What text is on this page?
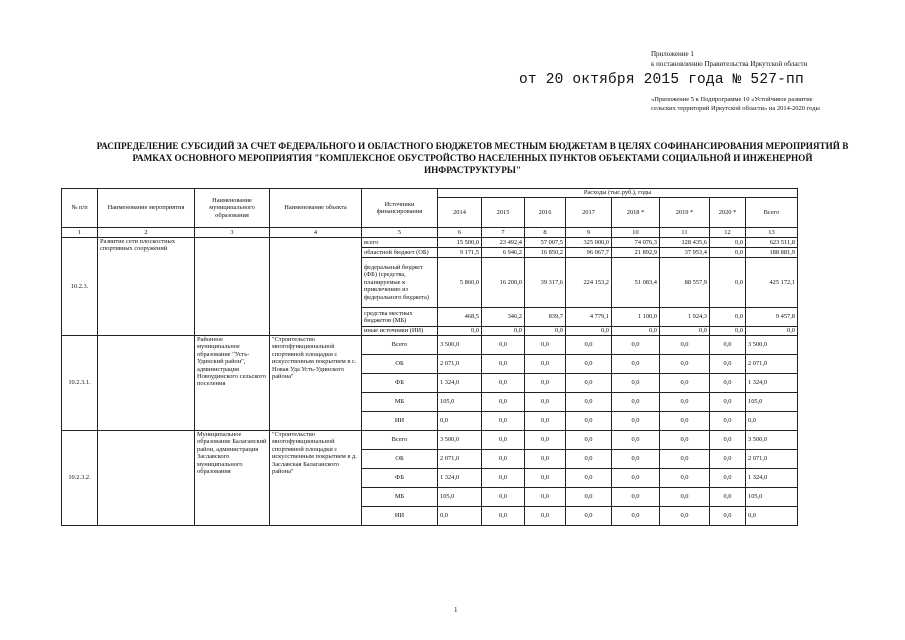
Приложение 1
к постановлению Правительства Иркутской области
от 20 октября 2015 года № 527-пп
«Приложение 5 к Подпрограмме 10 «Устойчивое развитие сельских территорий Иркутской области» на 2014-2020 годы
РАСПРЕДЕЛЕНИЕ СУБСИДИЙ ЗА СЧЕТ ФЕДЕРАЛЬНОГО И ОБЛАСТНОГО БЮДЖЕТОВ МЕСТНЫМ БЮДЖЕТАМ В ЦЕЛЯХ СОФИНАНСИРОВАНИЯ МЕРОПРИЯТИЙ В РАМКАХ ОСНОВНОГО МЕРОПРИЯТИЯ "КОМПЛЕКСНОЕ ОБУСТРОЙСТВО НАСЕЛЕННЫХ ПУНКТОВ ОБЪЕКТАМИ СОЦИАЛЬНОЙ И ИНЖЕНЕРНОЙ ИНФРАСТРУКТУРЫ"
№ п/п	Наименование мероприятия	Наименование муниципального образования	Наименование объекта	Источники финансирования	Расходы (тыс.руб.), годы							
					2014	2015	2016	2017	2018 *	2019 *	2020 *	Всего
1	2	3	4	5	6	7	8	9	10	11	12	13
10.2.3.	Развитие сети плоскостных спортивных сооружений			всего	15 500,0	23 492,4	57 007,5	325 000,0	74 076,3	128 435,6	0,0	623 511,8
				областной бюджет (ОБ)	9 171,5	6 946,2	16 850,2	96 067,7	21 892,9	37 953,4	0,0	188 881,9
				федеральный бюджет (ФБ) (средства, планируемые к привлечению из федерального бюджета)	5 860,0	16 200,0	39 317,6	224 153,2	51 083,4	88 557,9	0,0	425 172,1
				средства местных бюджетов (МБ)	468,5	346,2	839,7	4 779,1	1 100,0	1 924,3	0,0	9 457,8
				иные источники (ИИ)	0,0	0,0	0,0	0,0	0,0	0,0	0,0	0,0
10.2.3.1.		Районное муниципальное образование "Усть-Удинский район", администрация Новоудинского сельского поселения	"Строительство многофункциональной спортивной площадки с искусственным покрытием в с. Новая Уда Усть-Удинского района"	Всего	3 500,0	0,0	0,0	0,0	0,0	0,0	0,0	3 500,0
				ОБ	2 071,0	0,0	0,0	0,0	0,0	0,0	0,0	2 071,0
				ФБ	1 324,0	0,0	0,0	0,0	0,0	0,0	0,0	1 324,0
				МБ	105,0	0,0	0,0	0,0	0,0	0,0	0,0	105,0
				ИИ	0,0	0,0	0,0	0,0	0,0	0,0	0,0	0,0
10.2.3.2.		Муниципальное образование Балаганский район, администрация Заславского муниципального образования	"Строительство многофункциональной спортивной площадки с искусственным покрытием в д. Заславская Балаганского района"	Всего	3 500,0	0,0	0,0	0,0	0,0	0,0	0,0	3 500,0
				ОБ	2 071,0	0,0	0,0	0,0	0,0	0,0	0,0	2 071,0
				ФБ	1 324,0	0,0	0,0	0,0	0,0	0,0	0,0	1 324,0
				МБ	105,0	0,0	0,0	0,0	0,0	0,0	0,0	105,0
				ИИ	0,0	0,0	0,0	0,0	0,0	0,0	0,0	0,0
1
